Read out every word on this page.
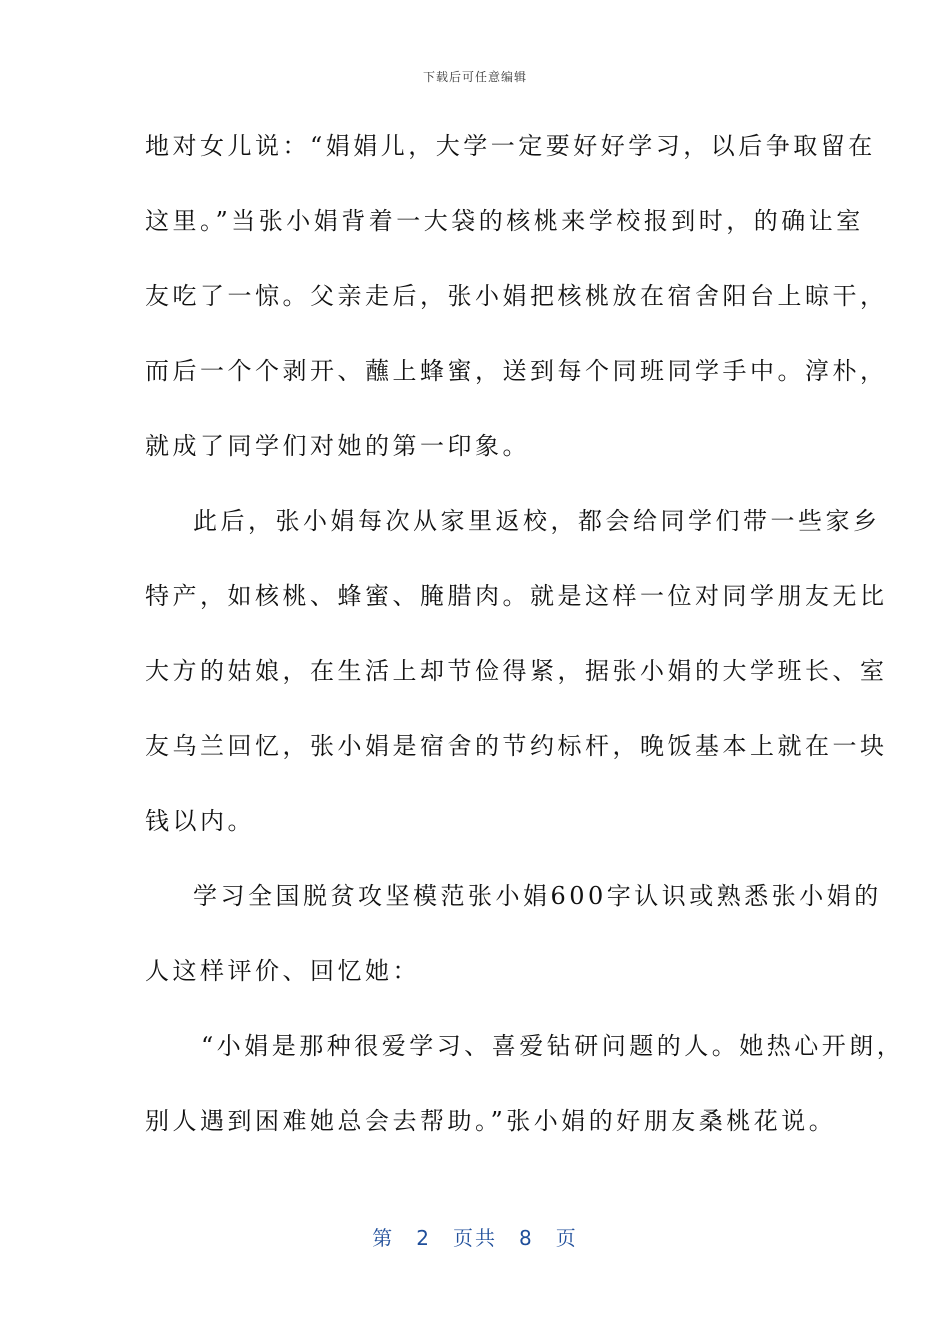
下载后可任意编辑
地对女儿说：“娟娟儿，大学一定要好好学习，以后争取留在
这里。”当张小娟背着一大袋的核桃来学校报到时，的确让室
友吃了一惊。父亲走后，张小娟把核桃放在宿舍阳台上晾干，
而后一个个剥开、蘸上蜂蜜，送到每个同班同学手中。淳朴，
就成了同学们对她的第一印象。
此后，张小娟每次从家里返校，都会给同学们带一些家乡
特产，如核桃、蜂蜜、腌腊肉。就是这样一位对同学朋友无比
大方的姑娘，在生活上却节俭得紧，据张小娟的大学班长、室
友乌兰回忆，张小娟是宿舍的节约标杆，晚饭基本上就在一块
钱以内。
学习全国脱贫攻坚模范张小娟600字认识或熟悉张小娟的
人这样评价、回忆她：
“小娟是那种很爱学习、喜爱钻研问题的人。她热心开朗，
别人遇到困难她总会去帮助。”张小娟的好朋友桑桃花说。
第 2 页共 8 页
